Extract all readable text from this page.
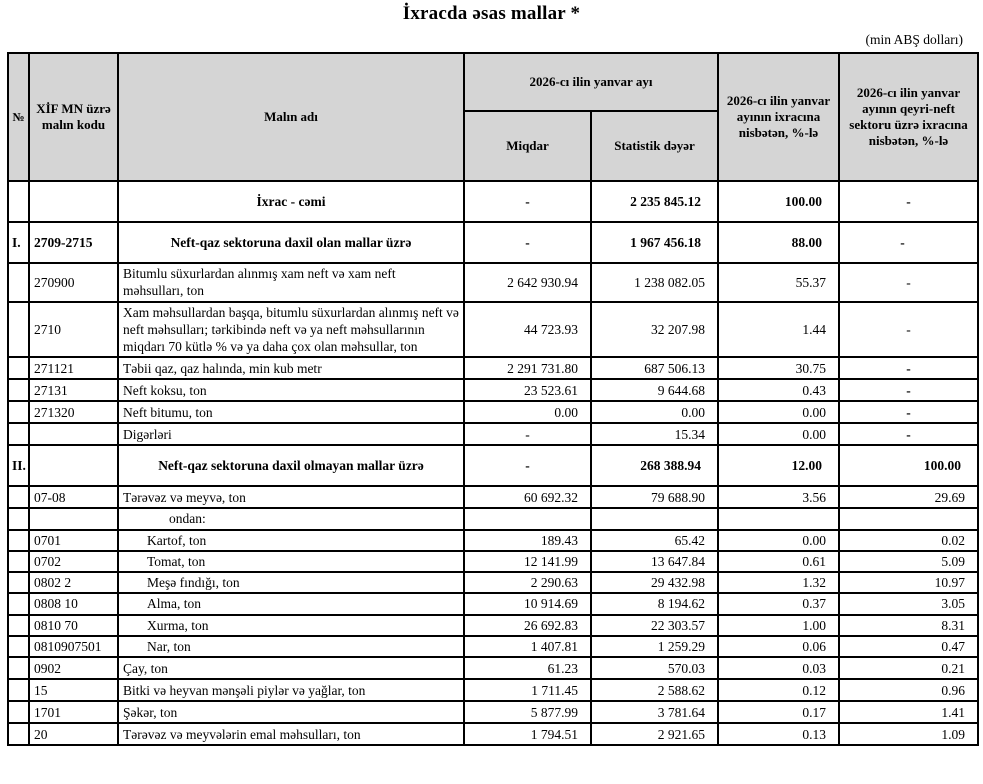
İxracda əsas mallar *
(min ABŞ dolları)
№	XİF MN üzrə malın kodu	Malın adı	2026-cı ilin yanvar ayı		2026-cı ilin yanvar ayının ixracına nisbətən, %-lə	2026-cı ilin yanvar ayının qeyri-neft sektoru üzrə ixracına nisbətən, %-lə
			Miqdar	Statistik dəyər		
		İxrac - cəmi	-	2 235 845.12	100.00	-
I.	2709-2715	Neft-qaz sektoruna daxil olan mallar üzrə	-	1 967 456.18	88.00	-
	270900	Bitumlu süxurlardan alınmış xam neft və xam neft məhsulları, ton	2 642 930.94	1 238 082.05	55.37	-
	2710	Xam məhsullardan başqa, bitumlu süxurlardan alınmış neft və neft məhsulları; tərkibində neft və ya neft məhsullarının miqdarı 70 kütlə % və ya daha çox olan məhsullar, ton	44 723.93	32 207.98	1.44	-
	271121	Təbii qaz, qaz halında, min kub metr	2 291 731.80	687 506.13	30.75	-
	27131	Neft koksu, ton	23 523.61	9 644.68	0.43	-
	271320	Neft bitumu, ton	0.00	0.00	0.00	-
		Digərləri	-	15.34	0.00	-
II.		Neft-qaz sektoruna daxil olmayan mallar üzrə	-	268 388.94	12.00	100.00
	07-08	Tərəvəz və meyvə, ton	60 692.32	79 688.90	3.56	29.69
		ondan:				
	0701	Kartof, ton	189.43	65.42	0.00	0.02
	0702	Tomat, ton	12 141.99	13 647.84	0.61	5.09
	0802 2	Meşə fındığı, ton	2 290.63	29 432.98	1.32	10.97
	0808 10	Alma, ton	10 914.69	8 194.62	0.37	3.05
	0810 70	Xurma, ton	26 692.83	22 303.57	1.00	8.31
	0810907501	Nar, ton	1 407.81	1 259.29	0.06	0.47
	0902	Çay, ton	61.23	570.03	0.03	0.21
	15	Bitki və heyvan mənşəli piylər və yağlar, ton	1 711.45	2 588.62	0.12	0.96
	1701	Şəkər, ton	5 877.99	3 781.64	0.17	1.41
	20	Tərəvəz və meyvələrin emal məhsulları, ton	1 794.51	2 921.65	0.13	1.09
